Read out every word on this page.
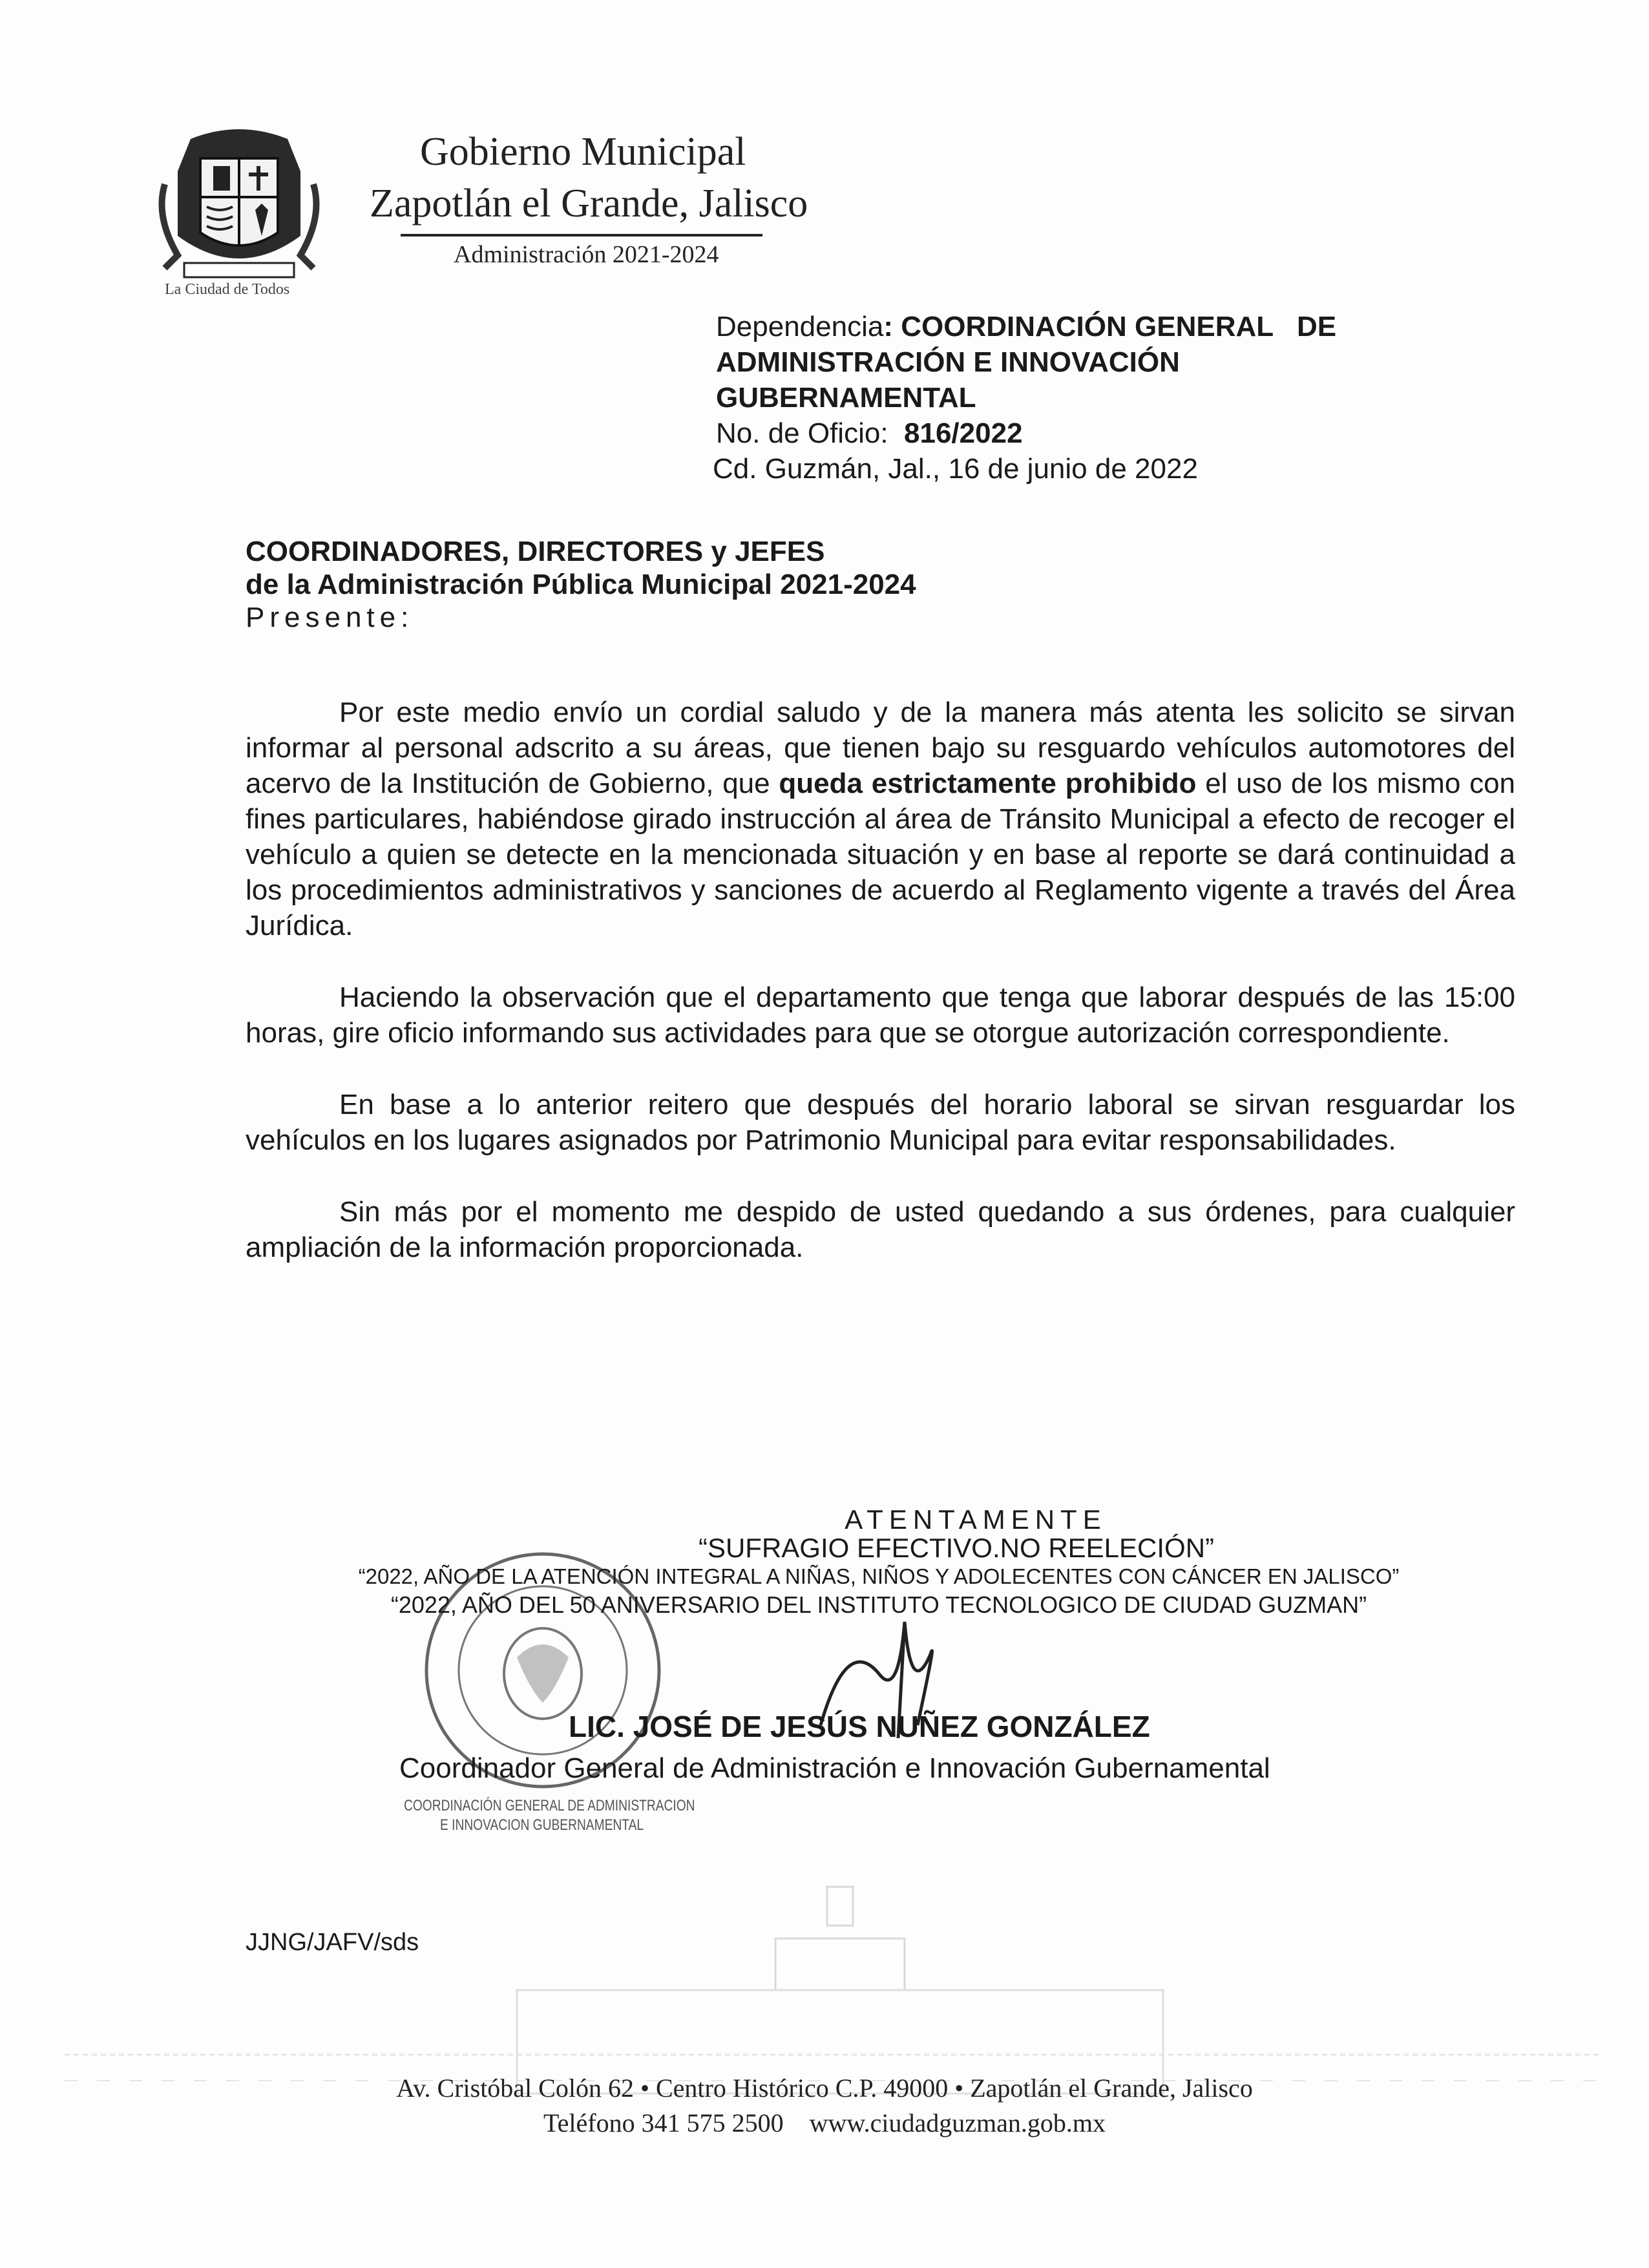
La Ciudad de Todos
Gobierno Municipal
Zapotlán el Grande, Jalisco
Administración 2021-2024
Dependencia: COORDINACIÓN GENERAL   DE
ADMINISTRACIÓN E INNOVACIÓN
GUBERNAMENTAL
No. de Oficio: 816/2022
Cd. Guzmán, Jal., 16 de junio de 2022
COORDINADORES, DIRECTORES y JEFES
de la Administración Pública Municipal 2021-2024
Presente:

Por este medio envío un cordial saludo y de la manera más atenta les solicito se sirvan informar al personal adscrito a su áreas, que tienen bajo su resguardo vehículos automotores del acervo de la Institución de Gobierno, que queda estrictamente prohibido el uso de los mismo con fines particulares, habiéndose girado instrucción al área de Tránsito Municipal a efecto de recoger el vehículo a quien se detecte en la mencionada situación y en base al reporte se dará continuidad a los procedimientos administrativos y sanciones de acuerdo al Reglamento vigente a través del Área Jurídica.

Haciendo la observación que el departamento que tenga que laborar después de las 15:00 horas, gire oficio informando sus actividades para que se otorgue autorización correspondiente.

En base a lo anterior reitero que después del horario laboral se sirvan resguardar los vehículos en los lugares asignados por Patrimonio Municipal para evitar responsabilidades.

Sin más por el momento me despido de usted quedando a sus órdenes, para cualquier ampliación de la información proporcionada.

ATENTAMENTE
“SUFRAGIO EFECTIVO.NO REELECIÓN”
“2022, AÑO DE LA ATENCIÓN INTEGRAL A NIÑAS, NIÑOS Y ADOLECENTES CON CÁNCER EN JALISCO”
“2022, AÑO DEL 50 ANIVERSARIO DEL INSTITUTO TECNOLOGICO DE CIUDAD GUZMAN”
LIC. JOSÉ DE JESÚS NUÑEZ GONZÁLEZ
Coordinador General de Administración e Innovación Gubernamental
COORDINACIÓN GENERAL DE ADMINISTRACION
E INNOVACION GUBERNAMENTAL
JJNG/JAFV/sds
Av. Cristóbal Colón 62 • Centro Histórico C.P. 49000 • Zapotlán el Grande, Jalisco
Teléfono 341 575 2500    www.ciudadguzman.gob.mx
